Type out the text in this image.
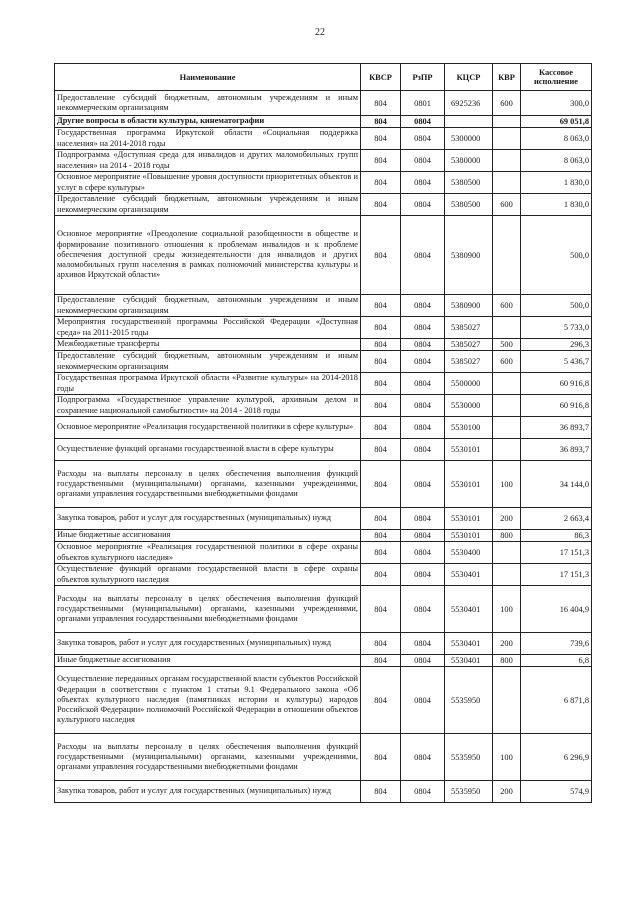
22
Наименование	КВСР	РзПР	КЦСР	КВР	Кассовое исполнение
Предоставление субсидий бюджетным, автономным учреждениям и иным некоммерческим организациям	804	0801	6925236	600	300,0
Другие вопросы в области культуры, кинематографии	804	0804			69 051,8
Государственная программа Иркутской области «Социальная поддержка населения» на 2014-2018 годы	804	0804	5300000		8 063,0
Подпрограмма «Доступная среда для инвалидов и других маломобильных групп населения» на 2014 - 2018 годы	804	0804	5380000		8 063,0
Основное мероприятие «Повышение уровня доступности приоритетных объектов и услуг в сфере культуры»	804	0804	5380500		1 830,0
Предоставление субсидий бюджетным, автономным учреждениям и иным некоммерческим организациям	804	0804	5380500	600	1 830,0
Основное мероприятие «Преодоление социальной разобщенности в обществе и формирование позитивного отношения к проблемам инвалидов и к проблеме обеспечения доступной среды жизнедеятельности для инвалидов и других маломобильных групп населения в рамках полномочий министерства культуры и архивов Иркутской области»	804	0804	5380900		500,0
Предоставление субсидий бюджетным, автономным учреждениям и иным некоммерческим организациям	804	0804	5380900	600	500,0
Мероприятия государственной программы Российской Федерации «Доступная среда» на 2011-2015 годы	804	0804	5385027		5 733,0
Межбюджетные трансферты	804	0804	5385027	500	296,3
Предоставление субсидий бюджетным, автономным учреждениям и иным некоммерческим организациям	804	0804	5385027	600	5 436,7
Государственная программа Иркутской области «Развитие культуры» на 2014-2018 годы	804	0804	5500000		60 916,8
Подпрограмма «Государственное управление культурой, архивным делом и сохранение национальной самобытности» на 2014 - 2018 годы	804	0804	5530000		60 916,8
Основное мероприятие «Реализация государственной политики в сфере культуры»	804	0804	5530100		36 893,7
Осуществление функций органами государственной власти в сфере культуры	804	0804	5530101		36 893,7
Расходы на выплаты персоналу в целях обеспечения выполнения функций государственными (муниципальными) органами, казенными учреждениями, органами управления государственными внебюджетными фондами	804	0804	5530101	100	34 144,0
Закупка товаров, работ и услуг для государственных (муниципальных) нужд	804	0804	5530101	200	2 663,4
Иные бюджетные ассигнования	804	0804	5530101	800	86,3
Основное мероприятие «Реализация государственной политики в сфере охраны объектов культурного наследия»	804	0804	5530400		17 151,3
Осуществление функций органами государственной власти в сфере охраны объектов культурного наследия	804	0804	5530401		17 151,3
Расходы на выплаты персоналу в целях обеспечения выполнения функций государственными (муниципальными) органами, казенными учреждениями, органами управления государственными внебюджетными фондами	804	0804	5530401	100	16 404,9
Закупка товаров, работ и услуг для государственных (муниципальных) нужд	804	0804	5530401	200	739,6
Иные бюджетные ассигнования	804	0804	5530401	800	6,8
Осуществление переданных органам государственной власти субъектов Российской Федерации в соответствии с пунктом 1 статьи 9.1 Федерального закона «Об объектах культурного наследия (памятниках истории и культуры) народов Российской Федерации» полномочий Российской Федерации в отношении объектов культурного наследия	804	0804	5535950		6 871,8
Расходы на выплаты персоналу в целях обеспечения выполнения функций государственными (муниципальными) органами, казенными учреждениями, органами управления государственными внебюджетными фондами	804	0804	5535950	100	6 296,9
Закупка товаров, работ и услуг для государственных (муниципальных) нужд	804	0804	5535950	200	574,9
